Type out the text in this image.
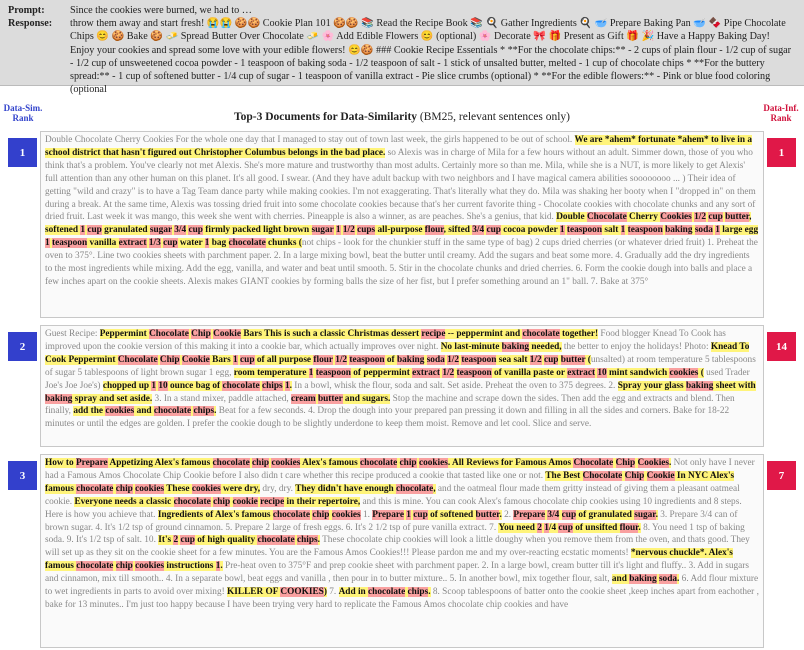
Prompt:	Since the cookies were burned, we had to …
Response:	throw them away and start fresh! 😭😭 🍪🍪 Cookie Plan 101 🍪🍪 📚 Read the Recipe Book 📚 🍳 Gather Ingredients 🍳 🥣 Prepare Baking Pan 🥣 🍫 Pipe Chocolate Chips 😊 🍪 Bake 🍪 🧈 Spread Butter Over Chocolate 🧈 🌸 Add Edible Flowers 😊 (optional) 🌸 Decorate 🎀 🎁 Present as Gift 🎁 🎉 Have a Happy Baking Day! Enjoy your cookies and spread some love with your edible flowers! 😊🍪 ### Cookie Recipe Essentials * **For the chocolate chips:** - 2 cups of plain flour - 1/2 cup of sugar - 1/2 cup of unsweetened cocoa powder - 1 teaspoon of baking soda - 1/2 teaspoon of salt - 1 stick of unsalted butter, melted - 1 cup of chocolate chips * **For the buttery spread:** - 1 cup of softened butter - 1/4 cup of sugar - 1 teaspoon of vanilla extract - Pie slice crumbs (optional) * **For the edible flowers:** - Pink or blue food coloring (optional
Data-Sim.
Rank
Data-Inf.
Rank
Top-3 Documents for Data-Similarity (BM25, relevant sentences only)
1	1
Double Chocolate Cherry Cookies For the whole one day that I managed to stay out of town last week, the girls happened to be out of school. We are *ahem* fortunate *ahem* to live in a school district that hasn't figured out Christopher Columbus belongs in the bad place. so Alexis was in charge of Mila for a few hours without an adult. Simmer down, those of you who think that's a problem. You've clearly not met Alexis. She's more mature and trustworthy than most adults. Certainly more so than me. Mila, while she is a NUT, is more likely to get Alexis' full attention than any other human on this planet. It's all good. I swear. (And they have adult backup with two neighbors and I have magical camera abilities soooooooo ... ) Their idea of getting "wild and crazy" is to have a Tag Team dance party while making cookies. I'm not exaggerating. That's literally what they do. Mila was shaking her booty when I "dropped in" on them during a break. At the same time, Alexis was tossing dried fruit into some chocolate cookies because that's her current favorite thing - Chocolate cookies with chocolate chunks and any sort of dried fruit. Last week it was mango, this week she went with cherries. Pineapple is also a winner, as are peaches. She's a genius, that kid. Double Chocolate Cherry Cookies 1/2 cup butter, softened 1 cup granulated sugar 3/4 cup firmly packed light brown sugar 1 1/2 cups all-purpose flour, sifted 3/4 cup cocoa powder 1 teaspoon salt 1 teaspoon baking soda 1 large egg 1 teaspoon vanilla extract 1/3 cup water 1 bag chocolate chunks (not chips - look for the chunkier stuff in the same type of bag) 2 cups dried cherries (or whatever dried fruit) 1. Preheat the oven to 375°. Line two cookies sheets with parchment paper. 2. In a large mixing bowl, beat the butter until creamy. Add the sugars and beat some more. 4. Gradually add the dry ingredients to the most ingredients while mixing. Add the egg, vanilla, and water and beat until smooth. 5. Stir in the chocolate chunks and dried cherries. 6. Form the cookie dough into balls and place a few inches apart on the cookie sheets. Alexis makes GIANT cookies by forming balls the size of her fist, but I prefer something around an 1" ball. 7. Bake at 375°
2	14
Guest Recipe: Peppermint Chocolate Chip Cookie Bars This is such a classic Christmas dessert recipe -- peppermint and chocolate together! Food blogger Knead To Cook has improved upon the cookie version of this making it into a cookie bar, which actually improves over night. No last-minute baking needed, the better to enjoy the holidays! Photo: Knead To Cook Peppermint Chocolate Chip Cookie Bars 1 cup of all purpose flour 1/2 teaspoon of baking soda 1/2 teaspoon sea salt 1/2 cup butter (unsalted) at room temperature 5 tablespoons of sugar 5 tablespoons of light brown sugar 1 egg, room temperature 1 teaspoon of peppermint extract 1/2 teaspoon of vanilla paste or extract 10 mint sandwich cookies ( used Trader Joe's Joe Joe's) chopped up 1 10 ounce bag of chocolate chips 1. In a bowl, whisk the flour, soda and salt. Set aside. Preheat the oven to 375 degrees. 2. Spray your glass baking sheet with baking spray and set aside. 3. In a stand mixer, paddle attached, cream butter and sugars. Stop the machine and scrape down the sides. Then add the egg and extracts and blend. Then finally, add the cookies and chocolate chips. Beat for a few seconds. 4. Drop the dough into your prepared pan pressing it down and filling in all the sides and corners. Bake for 18-22 minutes or until the edges are golden. I prefer the cookie dough to be slightly underdone to keep them moist. Remove and let cool. Slice and serve.
3	7
How to Prepare Appetizing Alex's famous chocolate chip cookies Alex's famous chocolate chip cookies. All Reviews for Famous Amos Chocolate Chip Cookies. Not only have I never had a Famous Amos Chocolate Chip Cookie before I also didn t care whether this recipe produced a cookie that tasted like one or not. The Best Chocolate Chip Cookie In NYC Alex's famous chocolate chip cookies These cookies were dry, dry, dry. They didn't have enough chocolate, and the oatmeal flour made them gritty instead of giving them a pleasant oatmeal cookie. Everyone needs a classic chocolate chip cookie recipe in their repertoire, and this is mine. You can cook Alex's famous chocolate chip cookies using 10 ingredients and 8 steps. Here is how you achieve that. Ingredients of Alex's famous chocolate chip cookies 1. Prepare 1 cup of softened butter. 2. Prepare 3/4 cup of granulated sugar. 3. Prepare 3/4 can of brown sugar. 4. It's 1/2 tsp of ground cinnamon. 5. Prepare 2 large of fresh eggs. 6. It's 2 1/2 tsp of pure vanilla extract. 7. You need 2 1/4 cup of unsifted flour. 8. You need 1 tsp of baking soda. 9. It's 1/2 tsp of salt. 10. It's 2 cup of high quality chocolate chips. These chocolate chip cookies will look a little doughy when you remove them from the oven, and thats good. They will set up as they sit on the cookie sheet for a few minutes. You are the Famous Amos Cookies!!! Please pardon me and my over-reacting ecstatic moments! *nervous chuckle*. Alex's famous chocolate chip cookies instructions 1. Pre-heat oven to 375°F and prep cookie sheet with parchment paper. 2. In a large bowl, cream butter till it's light and fluffy.. 3. Add in sugars and cinnamon, mix till smooth.. 4. In a separate bowl, beat eggs and vanilla , then pour in to butter mixture.. 5. In another bowl, mix together flour, salt, and baking soda. 6. Add flour mixture to wet ingredients in parts to avoid over mixing! KILLER OF COOKIES) 7. Add in chocolate chips. 8. Scoop tablespoons of batter onto the cookie sheet ,keep inches apart from eachother , bake for 13 minutes.. I'm just too happy because I have been trying very hard to replicate the Famous Amos chocolate chip cookies and have
